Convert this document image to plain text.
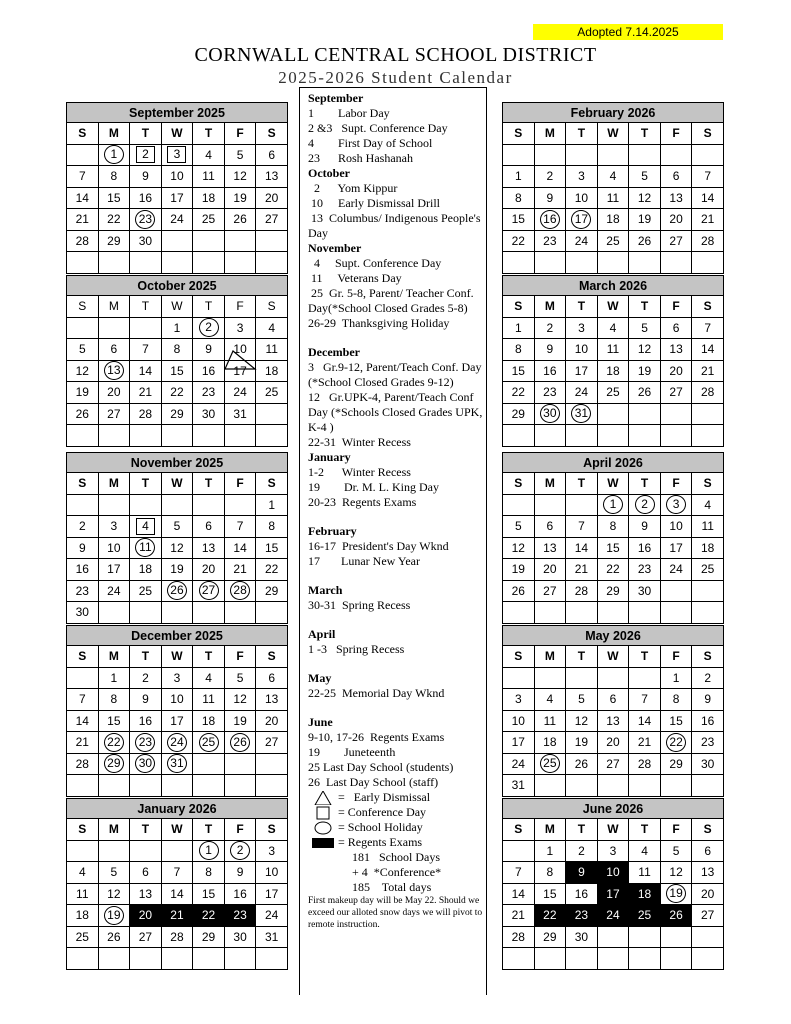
Adopted 7.14.2025
CORNWALL CENTRAL SCHOOL DISTRICT
2025-2026 Student Calendar
September 2025						
S	M	T	W	T	F	S
	1	2	3	4	5	6
7	8	9	10	11	12	13
14	15	16	17	18	19	20
21	22	23	24	25	26	27
28	29	30				

October 2025						
S	M	T	W	T	F	S
			1	2	3	4
5	6	7	8	9	10	11
12	13	14	15	16	17	18
19	20	21	22	23	24	25
26	27	28	29	30	31	

November 2025						
S	M	T	W	T	F	S
						1
2	3	4	5	6	7	8
9	10	11	12	13	14	15
16	17	18	19	20	21	22
23	24	25	26	27	28	29
30						
December 2025						
S	M	T	W	T	F	S
	1	2	3	4	5	6
7	8	9	10	11	12	13
14	15	16	17	18	19	20
21	22	23	24	25	26	27
28	29	30	31			

January 2026						
S	M	T	W	T	F	S
				1	2	3
4	5	6	7	8	9	10
11	12	13	14	15	16	17
18	19	20	21	22	23	24
25	26	27	28	29	30	31

February 2026						
S	M	T	W	T	F	S

1	2	3	4	5	6	7
8	9	10	11	12	13	14
15	16	17	18	19	20	21
22	23	24	25	26	27	28

March 2026						
S	M	T	W	T	F	S
1	2	3	4	5	6	7
8	9	10	11	12	13	14
15	16	17	18	19	20	21
22	23	24	25	26	27	28
29	30	31				

April 2026						
S	M	T	W	T	F	S
			1	2	3	4
5	6	7	8	9	10	11
12	13	14	15	16	17	18
19	20	21	22	23	24	25
26	27	28	29	30		

May 2026						
S	M	T	W	T	F	S
					1	2
3	4	5	6	7	8	9
10	11	12	13	14	15	16
17	18	19	20	21	22	23
24	25	26	27	28	29	30
31						
June 2026						
S	M	T	W	T	F	S
	1	2	3	4	5	6
7	8	9	10	11	12	13
14	15	16	17	18	19	20
21	22	23	24	25	26	27
28	29	30				

September
1        Labor Day
2 &3   Supt. Conference Day
4        First Day of School
23      Rosh Hashanah
October
2      Yom Kippur
10     Early Dismissal Drill
13  Columbus/ Indigenous People's Day
November
4     Supt. Conference Day
11     Veterans Day
25  Gr. 5-8, Parent/ Teacher Conf. Day(*School Closed Grades 5-8)
26-29  Thanksgiving Holiday
December
3   Gr.9-12, Parent/Teach Conf. Day (*School Closed Grades 9-12)
12   Gr.UPK-4, Parent/Teach Conf Day (*Schools Closed Grades UPK, K-4 )
22-31  Winter Recess
January
1-2      Winter Recess
19        Dr. M. L. King Day
20-23  Regents Exams
February
16-17  President's Day Wknd
17       Lunar New Year
March
30-31  Spring Recess
April
1 -3   Spring Recess
May
22-25  Memorial Day Wknd
June
9-10, 17-26  Regents Exams
19        Juneteenth
25 Last Day School (students)
26  Last Day School (staff)
=   Early Dismissal
= Conference Day
= School Holiday
= Regents Exams
181   School Days
+ 4  *Conference*
185    Total days
First makeup day will be May 22. Should we exceed our alloted snow days we will pivot to remote instruction.
